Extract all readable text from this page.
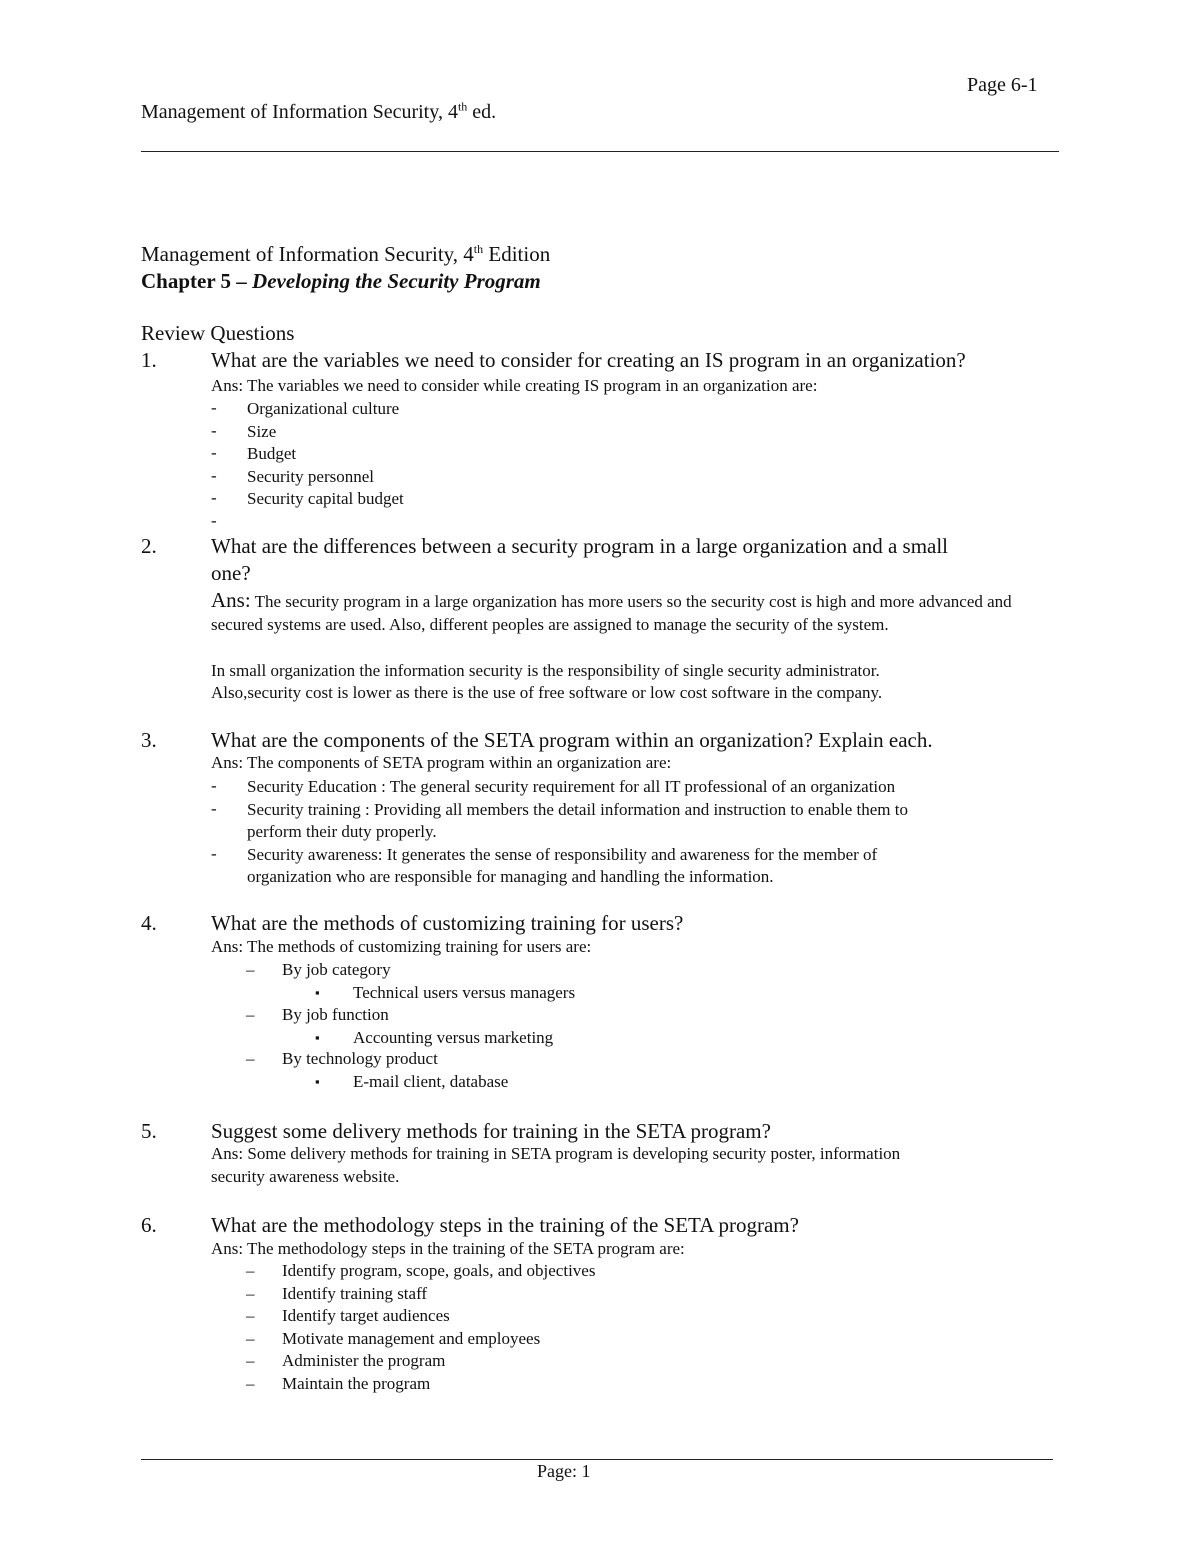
Page 6-1
Management of Information Security, 4th ed.
Management of Information Security, 4th Edition
Chapter 5 – Developing the Security Program
Review Questions
1.	What are the variables we need to consider for creating an IS program in an organization?
Ans: The variables we need to consider while creating IS program in an organization are:
- Organizational culture
- Size
- Budget
- Security personnel
- Security capital budget
-
2.	What are the differences between a security program in a large organization and a small
one?
Ans: The security program in a large organization has more users so the security cost is high and more advanced and secured systems are used. Also, different peoples are assigned to manage the security of the system.
In small organization the information security is the responsibility of single security administrator.
Also,security cost is lower as there is the use of free software or low cost software in the company.
3.	What are the components of the SETA program within an organization? Explain each.
Ans: The components of SETA program within an organization are:
- Security Education : The general security requirement for all IT professional of an organization
- Security training : Providing all members the detail information and instruction to enable them to
perform their duty properly.
- Security awareness: It generates the sense of responsibility and awareness for the member of
organization who are responsible for managing and handling the information.
4.	What are the methods of customizing training for users?
Ans: The methods of customizing training for users are:
– By job category
▪ Technical users versus managers
– By job function
▪ Accounting versus marketing
– By technology product
▪ E-mail client, database
5.	Suggest some delivery methods for training in the SETA program?
Ans: Some delivery methods for training in SETA program is developing security poster, information
security awareness website.
6.	What are the methodology steps in the training of the SETA program?
Ans: The methodology steps in the training of the SETA program are:
– Identify program, scope, goals, and objectives
– Identify training staff
– Identify target audiences
– Motivate management and employees
– Administer the program
– Maintain the program
Page: 1
